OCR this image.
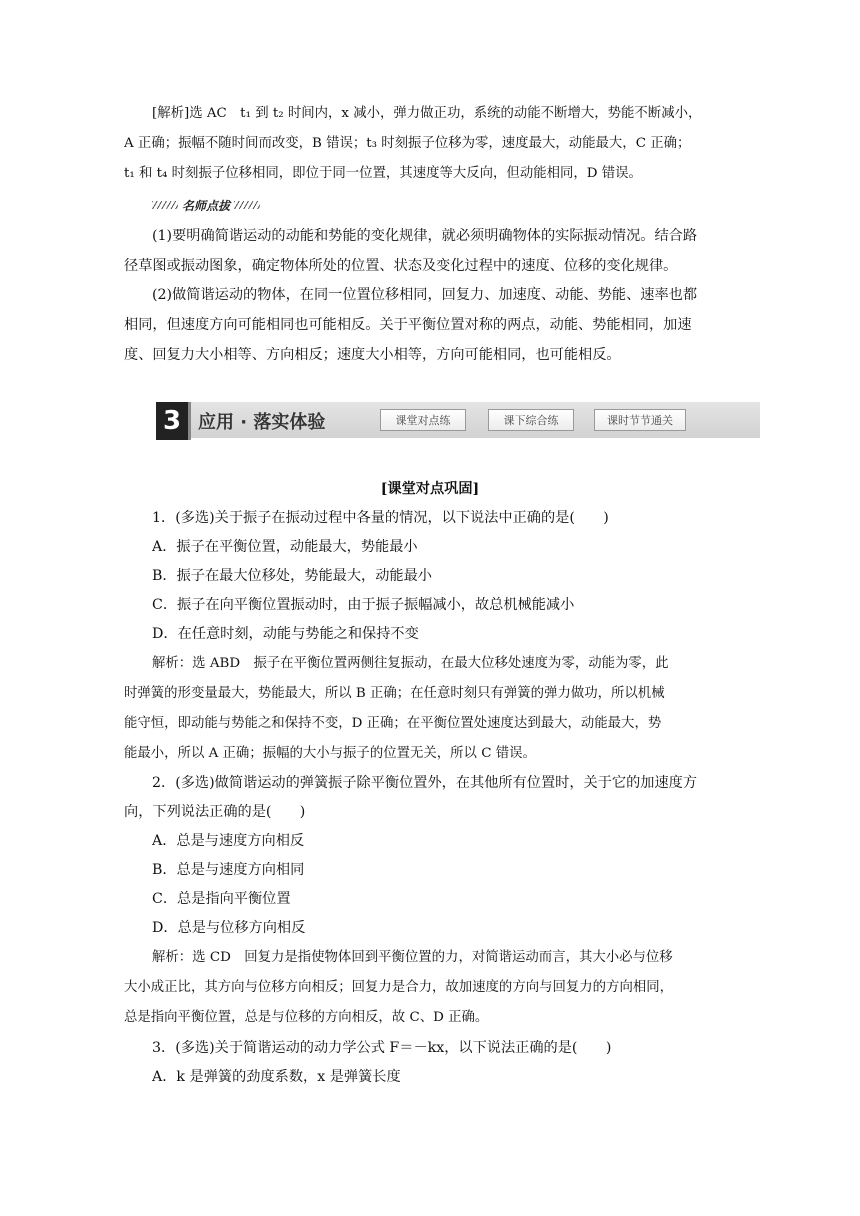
[解析]选 AC　t₁ 到 t₂ 时间内，x 减小，弹力做正功，系统的动能不断增大，势能不断减小，
A 正确；振幅不随时间而改变，B 错误；t₃ 时刻振子位移为零，速度最大，动能最大，C 正确；
t₁ 和 t₄ 时刻振子位移相同，即位于同一位置，其速度等大反向，但动能相同，D 错误。
名师点拔
(1)要明确简谐运动的动能和势能的变化规律，就必须明确物体的实际振动情况。结合路
径草图或振动图象，确定物体所处的位置、状态及变化过程中的速度、位移的变化规律。
(2)做简谐运动的物体，在同一位置位移相同，回复力、加速度、动能、势能、速率也都
相同，但速度方向可能相同也可能相反。关于平衡位置对称的两点，动能、势能相同，加速
度、回复力大小相等、方向相反；速度大小相等，方向可能相同，也可能相反。
3 应用 · 落实体验	课堂对点练	课下综合练	课时节节通关
[课堂对点巩固]
1．(多选)关于振子在振动过程中各量的情况，以下说法中正确的是(　　)
A．振子在平衡位置，动能最大，势能最小
B．振子在最大位移处，势能最大，动能最小
C．振子在向平衡位置振动时，由于振子振幅减小，故总机械能减小
D．在任意时刻，动能与势能之和保持不变
解析：选 ABD　振子在平衡位置两侧往复振动，在最大位移处速度为零，动能为零，此
时弹簧的形变量最大，势能最大，所以 B 正确；在任意时刻只有弹簧的弹力做功，所以机械
能守恒，即动能与势能之和保持不变，D 正确；在平衡位置处速度达到最大，动能最大，势
能最小，所以 A 正确；振幅的大小与振子的位置无关，所以 C 错误。
2．(多选)做简谐运动的弹簧振子除平衡位置外，在其他所有位置时，关于它的加速度方
向，下列说法正确的是(　　)
A．总是与速度方向相反
B．总是与速度方向相同
C．总是指向平衡位置
D．总是与位移方向相反
解析：选 CD　回复力是指使物体回到平衡位置的力，对简谐运动而言，其大小必与位移
大小成正比，其方向与位移方向相反；回复力是合力，故加速度的方向与回复力的方向相同，
总是指向平衡位置，总是与位移的方向相反，故 C、D 正确。
3．(多选)关于简谐运动的动力学公式 F＝－kx，以下说法正确的是(　　)
A．k 是弹簧的劲度系数，x 是弹簧长度
